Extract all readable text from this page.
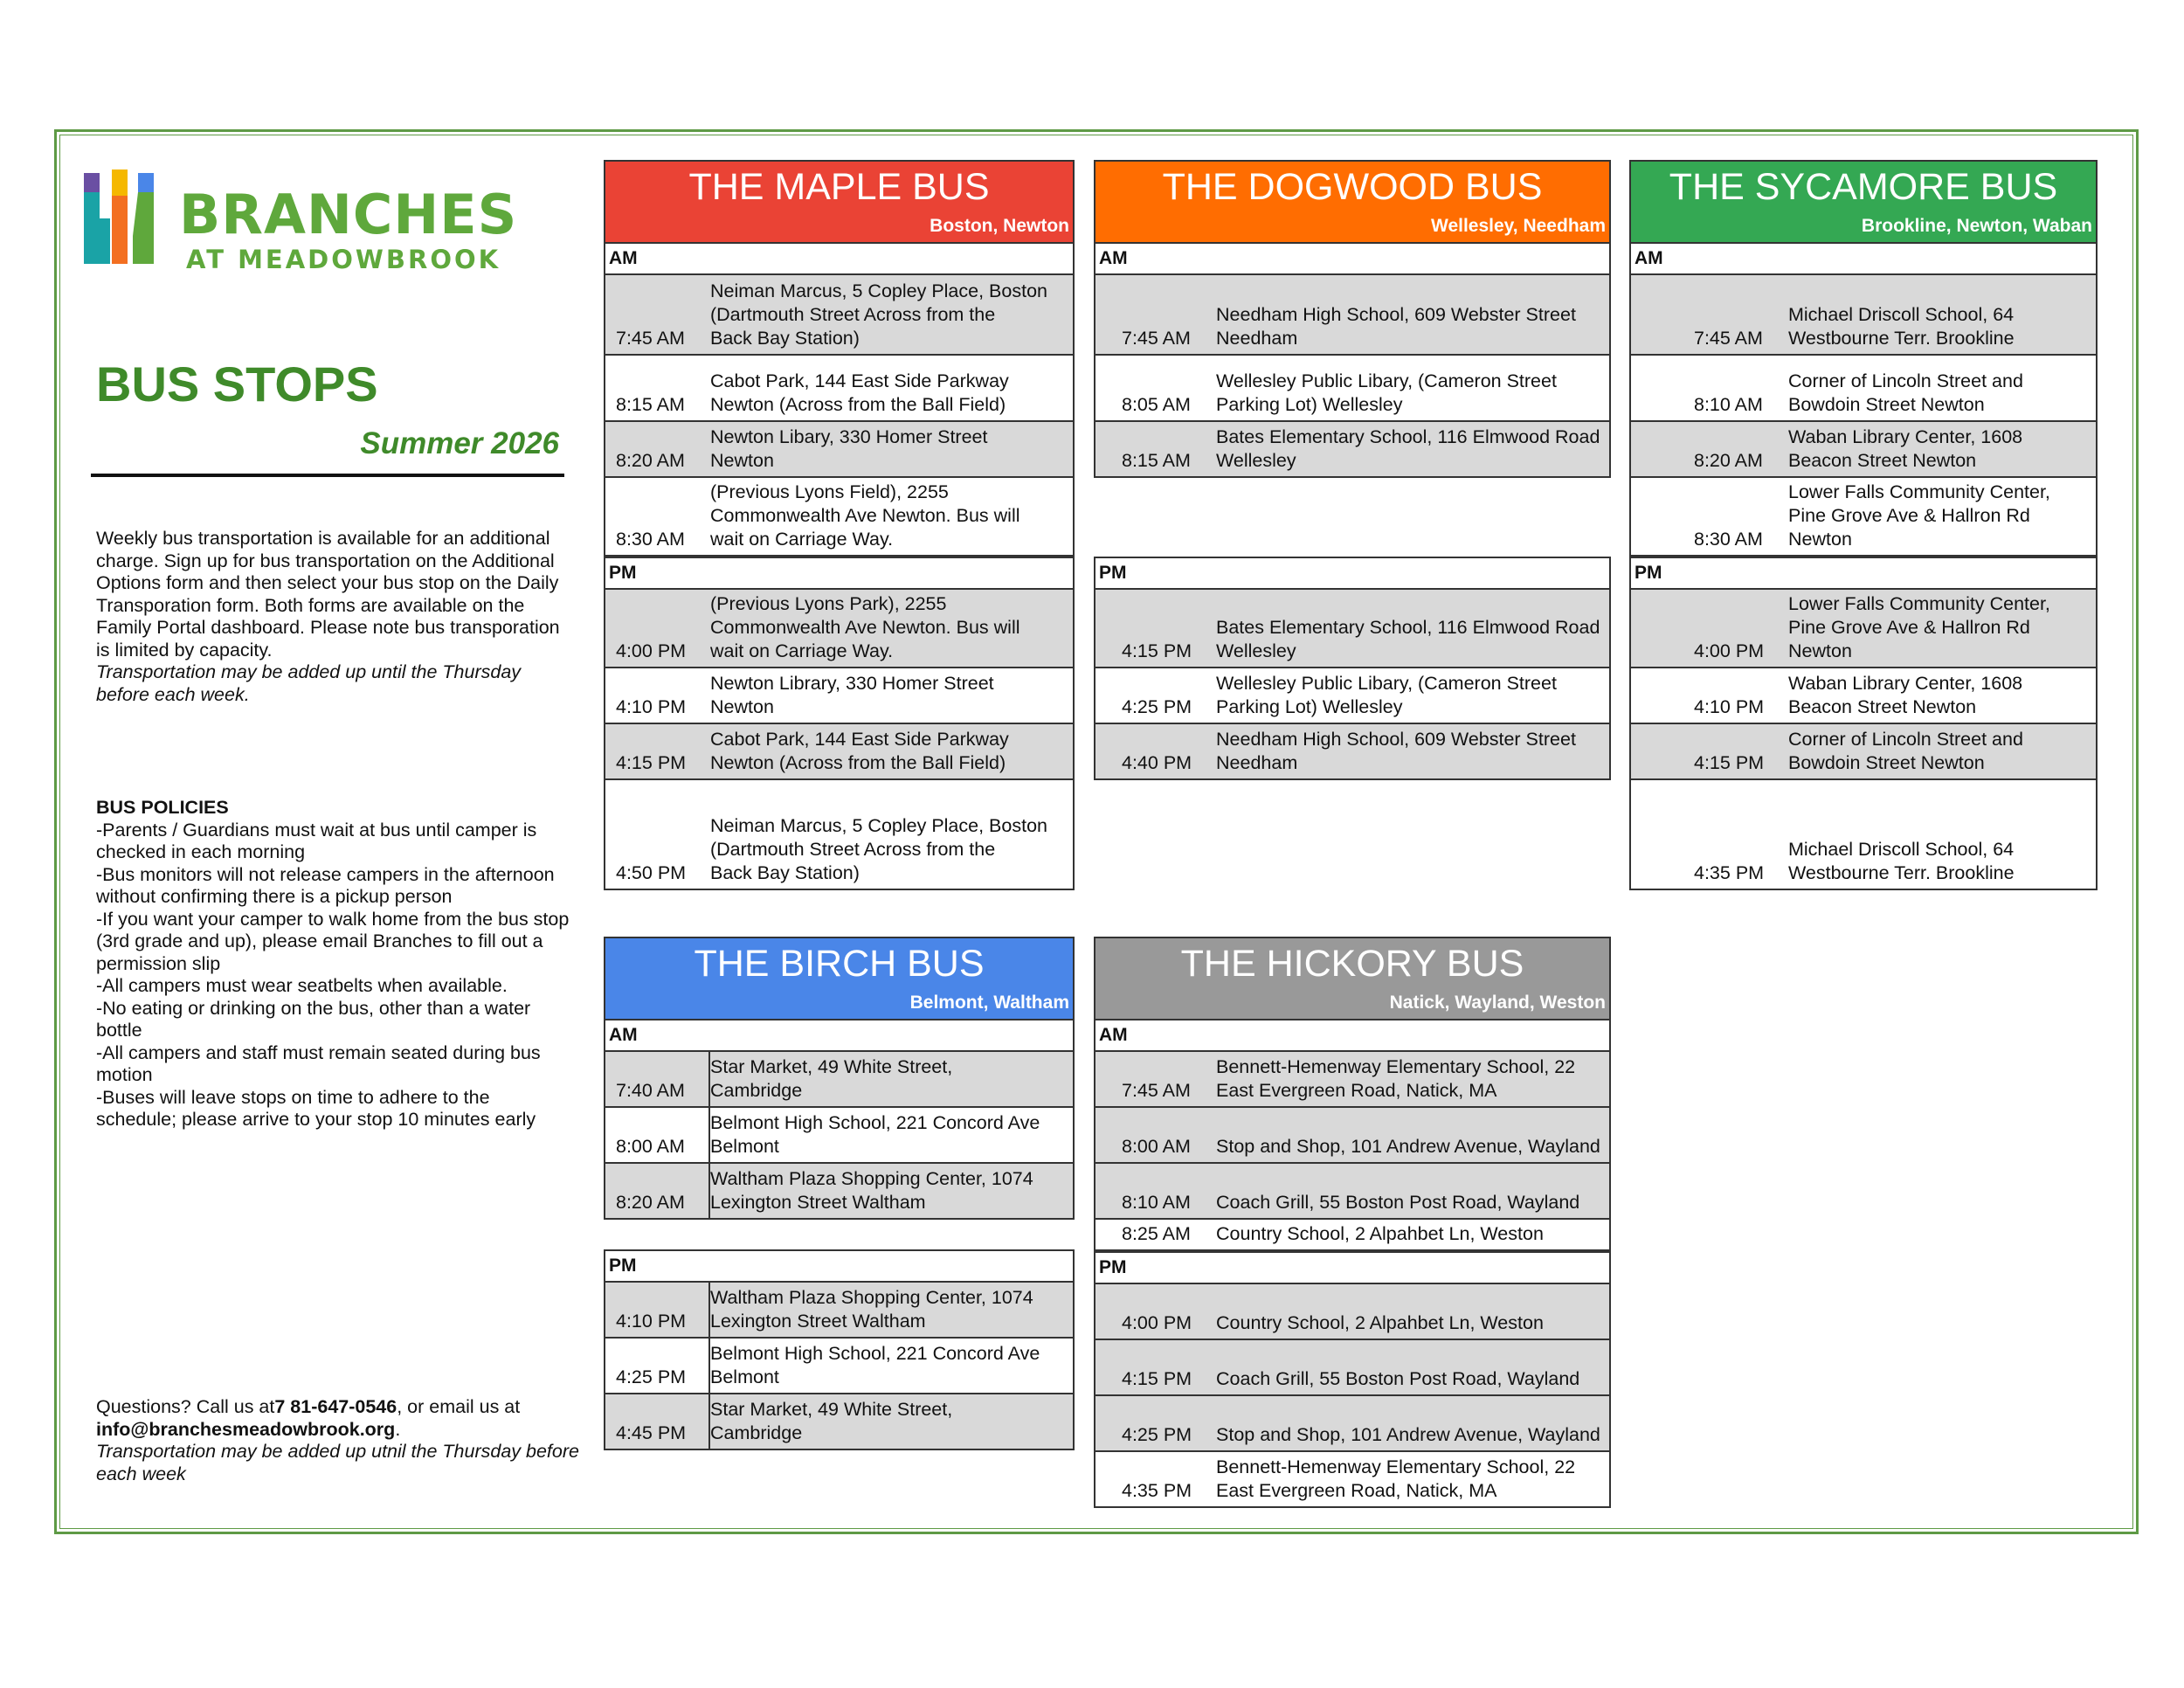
BRANCHES
AT MEADOWBROOK
BUS STOPS
Summer 2026
Weekly bus transportation is available for an additional charge. Sign up for bus transportation on the Additional Options form and then select your bus stop on the Daily Transporation form. Both forms are available on the Family Portal dashboard. Please note bus transporation is limited by capacity.
Transportation may be added up until the Thursday before each week.
BUS POLICIES
-Parents / Guardians must wait at bus until camper is checked in each morning
-Bus monitors will not release campers in the afternoon without confirming there is a pickup person
-If you want your camper to walk home from the bus stop (3rd grade and up), please email Branches to fill out a permission slip
-All campers must wear seatbelts when available.
-No eating or drinking on the bus, other than a water bottle
-All campers and staff must remain seated during bus motion
-Buses will leave stops on time to adhere to the schedule; please arrive to your stop 10 minutes early
Questions? Call us at7 81-647-0546, or email us at info@branchesmeadowbrook.org.
Transportation may be added up utnil the Thursday before each week
THE MAPLE BUS
Boston, Newton
AM
7:45 AM
Neiman Marcus, 5 Copley Place, Boston
(Dartmouth Street Across from the
Back Bay Station)
8:15 AM
Cabot Park, 144 East Side Parkway
Newton (Across from the Ball Field)
8:20 AM
Newton Libary, 330 Homer Street
Newton
8:30 AM
(Previous Lyons Field), 2255
Commonwealth Ave Newton. Bus will
wait on Carriage Way.
PM
4:00 PM
(Previous Lyons Park), 2255
Commonwealth Ave Newton. Bus will
wait on Carriage Way.
4:10 PM
Newton Library, 330 Homer Street
Newton
4:15 PM
Cabot Park, 144 East Side Parkway
Newton (Across from the Ball Field)
4:50 PM
Neiman Marcus, 5 Copley Place, Boston
(Dartmouth Street Across from the
Back Bay Station)
THE DOGWOOD BUS
Wellesley, Needham
AM
7:45 AM
Needham High School, 609 Webster Street
Needham
8:05 AM
Wellesley Public Libary, (Cameron Street
Parking Lot) Wellesley
8:15 AM
Bates Elementary School, 116 Elmwood Road
Wellesley
PM
4:15 PM
Bates Elementary School, 116 Elmwood Road
Wellesley
4:25 PM
Wellesley Public Libary, (Cameron Street
Parking Lot) Wellesley
4:40 PM
Needham High School, 609 Webster Street
Needham
THE SYCAMORE BUS
Brookline, Newton, Waban
AM
7:45 AM
Michael Driscoll School, 64
Westbourne Terr. Brookline
8:10 AM
Corner of Lincoln Street and
Bowdoin Street Newton
8:20 AM
Waban Library Center, 1608
Beacon Street Newton
8:30 AM
Lower Falls Community Center,
Pine Grove Ave & Hallron Rd
Newton
PM
4:00 PM
Lower Falls Community Center,
Pine Grove Ave & Hallron Rd
Newton
4:10 PM
Waban Library Center, 1608
Beacon Street Newton
4:15 PM
Corner of Lincoln Street and
Bowdoin Street Newton
4:35 PM
Michael Driscoll School, 64
Westbourne Terr. Brookline
THE BIRCH BUS
Belmont, Waltham
AM
7:40 AM
Star Market, 49 White Street,
Cambridge
8:00 AM
Belmont High School, 221 Concord Ave
Belmont
8:20 AM
Waltham Plaza Shopping Center, 1074
Lexington Street Waltham
PM
4:10 PM
Waltham Plaza Shopping Center, 1074
Lexington Street Waltham
4:25 PM
Belmont High School, 221 Concord Ave
Belmont
4:45 PM
Star Market, 49 White Street,
Cambridge
THE HICKORY BUS
Natick, Wayland, Weston
AM
7:45 AM
Bennett-Hemenway Elementary School, 22
East Evergreen Road, Natick, MA
8:00 AM Stop and Shop, 101 Andrew Avenue, Wayland
8:10 AM Coach Grill, 55 Boston Post Road, Wayland
8:25 AM Country School, 2 Alpahbet Ln, Weston
PM
4:00 PM Country School, 2 Alpahbet Ln, Weston
4:15 PM Coach Grill, 55 Boston Post Road, Wayland
4:25 PM Stop and Shop, 101 Andrew Avenue, Wayland
4:35 PM
Bennett-Hemenway Elementary School, 22
East Evergreen Road, Natick, MA
